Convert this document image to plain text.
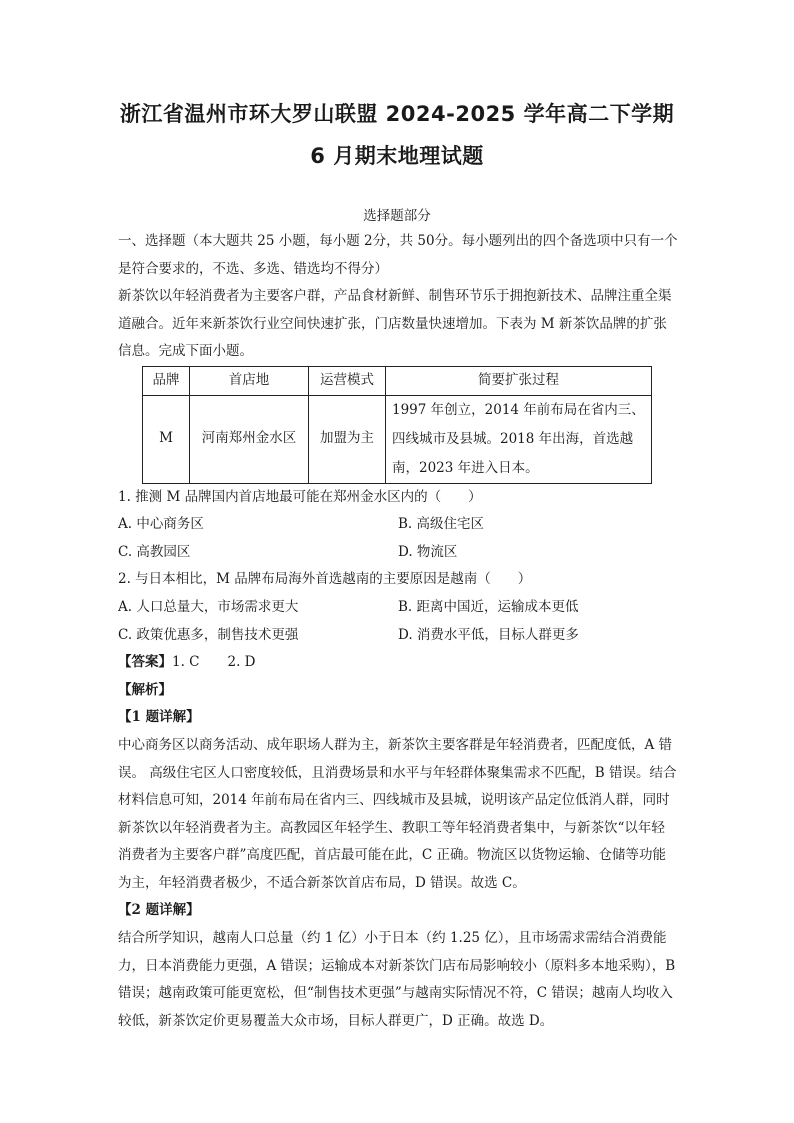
浙江省温州市环大罗山联盟 2024-2025 学年高二下学期
6 月期末地理试题
选择题部分

一、选择题（本大题共 25 小题，每小题 2分，共 50分。每小题列出的四个备选项中只有一个是符合要求的，不选、多选、错选均不得分）

新茶饮以年轻消费者为主要客户群，产品食材新鲜、制售环节乐于拥抱新技术、品牌注重全渠道融合。近年来新茶饮行业空间快速扩张，门店数量快速增加。下表为 M 新茶饮品牌的扩张信息。完成下面小题。

品牌	首店地	运营模式	简要扩张过程
M	河南郑州金水区	加盟为主	1997 年创立，2014 年前布局在省内三、四线城市及县城。2018 年出海，首选越南，2023 年进入日本。

1. 推测 M 品牌国内首店地最可能在郑州金水区内的（　　）

A. 中心商务区	B. 高级住宅区
C. 高教园区	D. 物流区

2. 与日本相比，M 品牌布局海外首选越南的主要原因是越南（　　）

A. 人口总量大，市场需求更大	B. 距离中国近，运输成本更低
C. 政策优惠多，制售技术更强	D. 消费水平低，目标人群更多

【答案】1. C 2. D

【解析】

【1 题详解】

中心商务区以商务活动、成年职场人群为主，新茶饮主要客群是年轻消费者，匹配度低，A 错误。 高级住宅区人口密度较低，且消费场景和水平与年轻群体聚集需求不匹配，B 错误。结合材料信息可知，2014 年前布局在省内三、四线城市及县城，说明该产品定位低消人群，同时新茶饮以年轻消费者为主。高教园区年轻学生、教职工等年轻消费者集中，与新茶饮“以年轻消费者为主要客户群”高度匹配，首店最可能在此，C 正确。物流区以货物运输、仓储等功能为主，年轻消费者极少，不适合新茶饮首店布局，D 错误。故选 C。

【2 题详解】

结合所学知识，越南人口总量（约 1 亿）小于日本（约 1.25 亿），且市场需求需结合消费能力，日本消费能力更强，A 错误；运输成本对新茶饮门店布局影响较小（原料多本地采购），B 错误；越南政策可能更宽松，但“制售技术更强”与越南实际情况不符，C 错误；越南人均收入较低，新茶饮定价更易覆盖大众市场，目标人群更广，D 正确。故选 D。
